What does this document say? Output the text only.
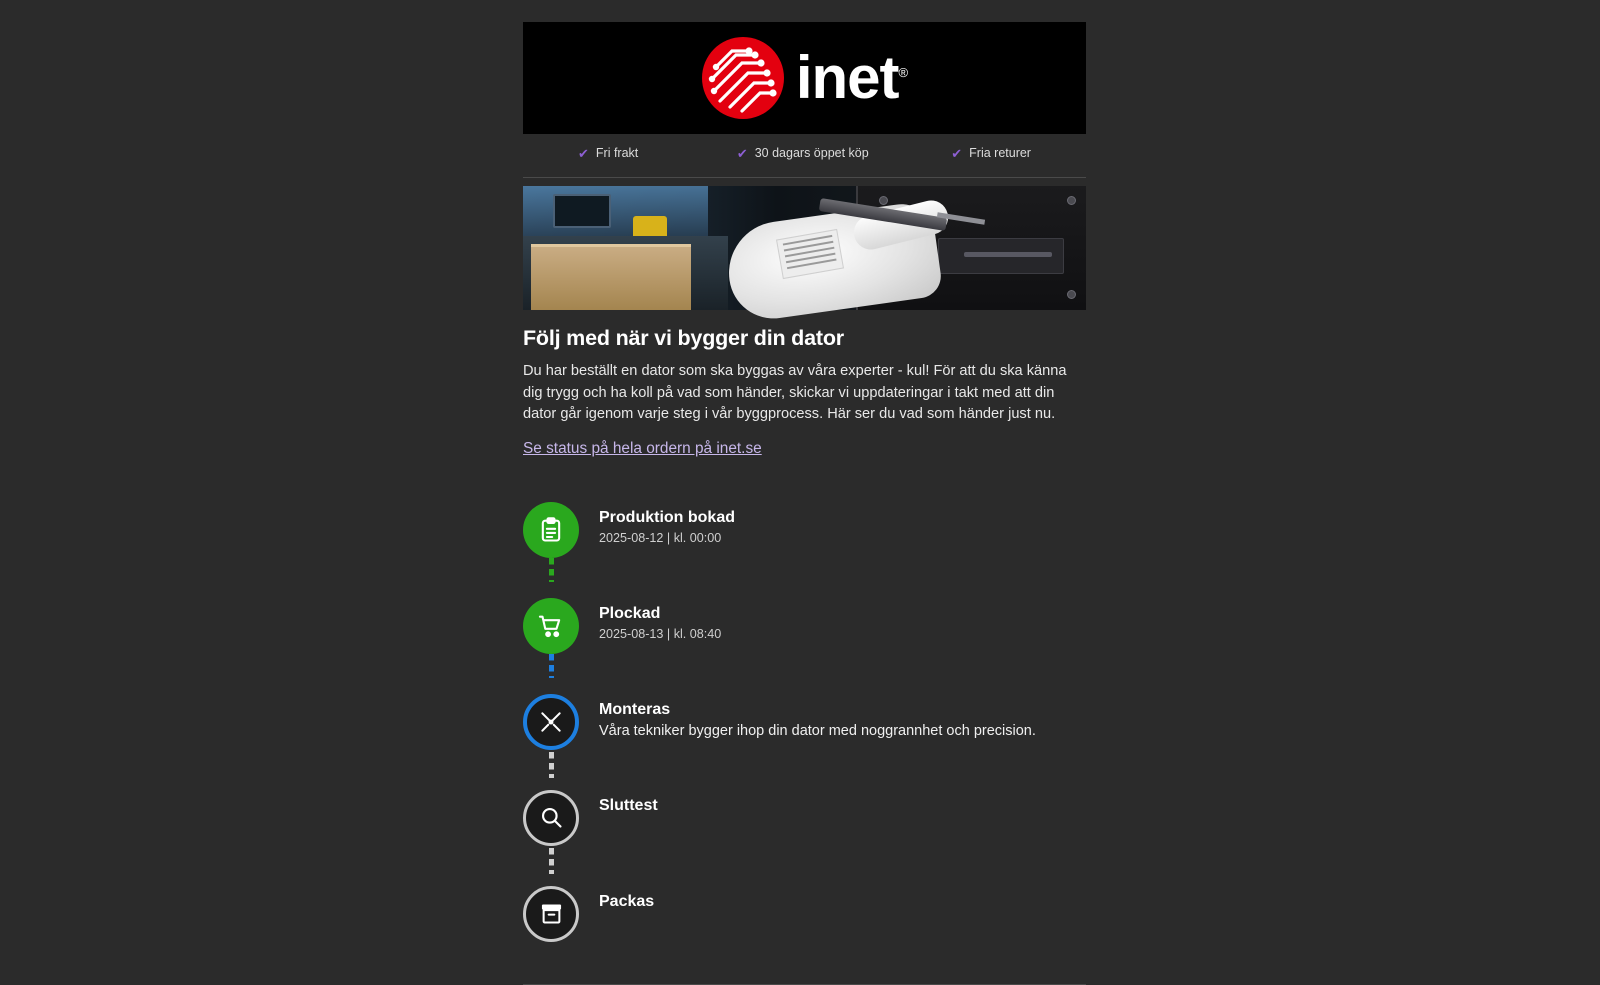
inet®
✔ Fri frakt	✔ 30 dagars öppet köp	✔ Fria returer
Följ med när vi bygger din dator

Du har beställt en dator som ska byggas av våra experter - kul! För att du ska känna dig trygg och ha koll på vad som händer, skickar vi uppdateringar i takt med att din dator går igenom varje steg i vår byggprocess. Här ser du vad som händer just nu.

Se status på hela ordern på inet.se

Produktion bokad

2025-08-12 | kl. 00:00

Plockad

2025-08-13 | kl. 08:40

Monteras

Våra tekniker bygger ihop din dator med noggrannhet och precision.

Sluttest

Packas
